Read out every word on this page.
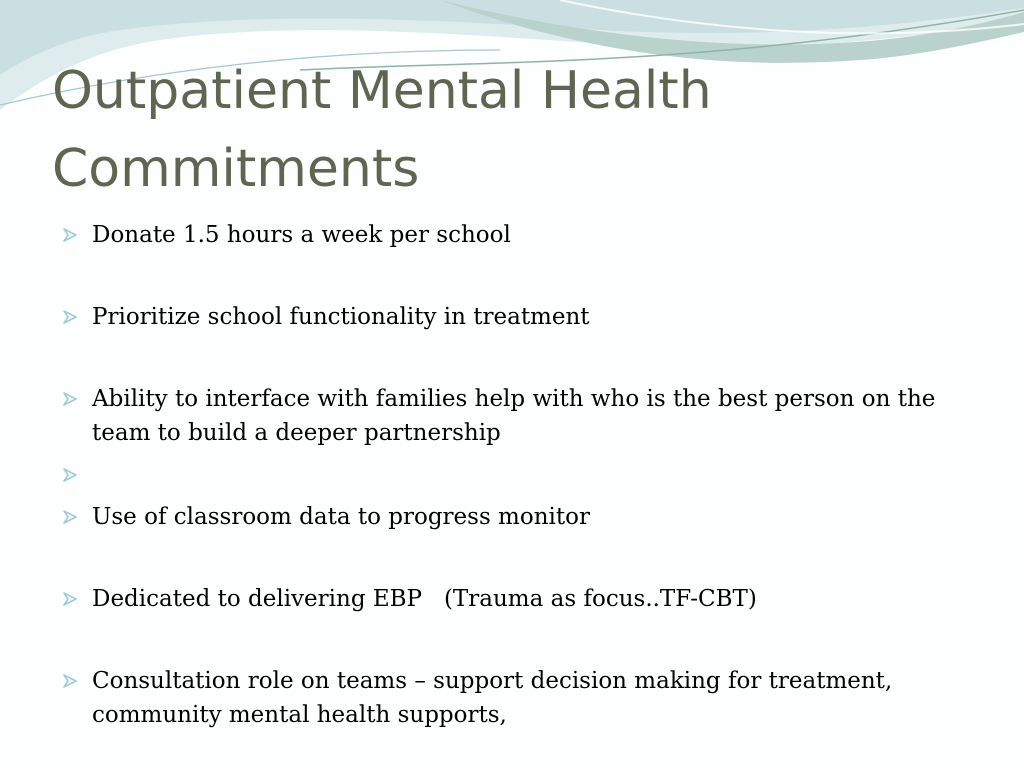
Outpatient Mental Health
Commitments
Donate 1.5 hours a week per school
Prioritize school functionality in treatment
Ability to interface with families help with who is the best person on the team to build a deeper partnership
Use of classroom data to progress monitor
Dedicated to delivering EBP   (Trauma as focus..TF-CBT)
Consultation role on teams – support decision making for treatment, community mental health supports,
